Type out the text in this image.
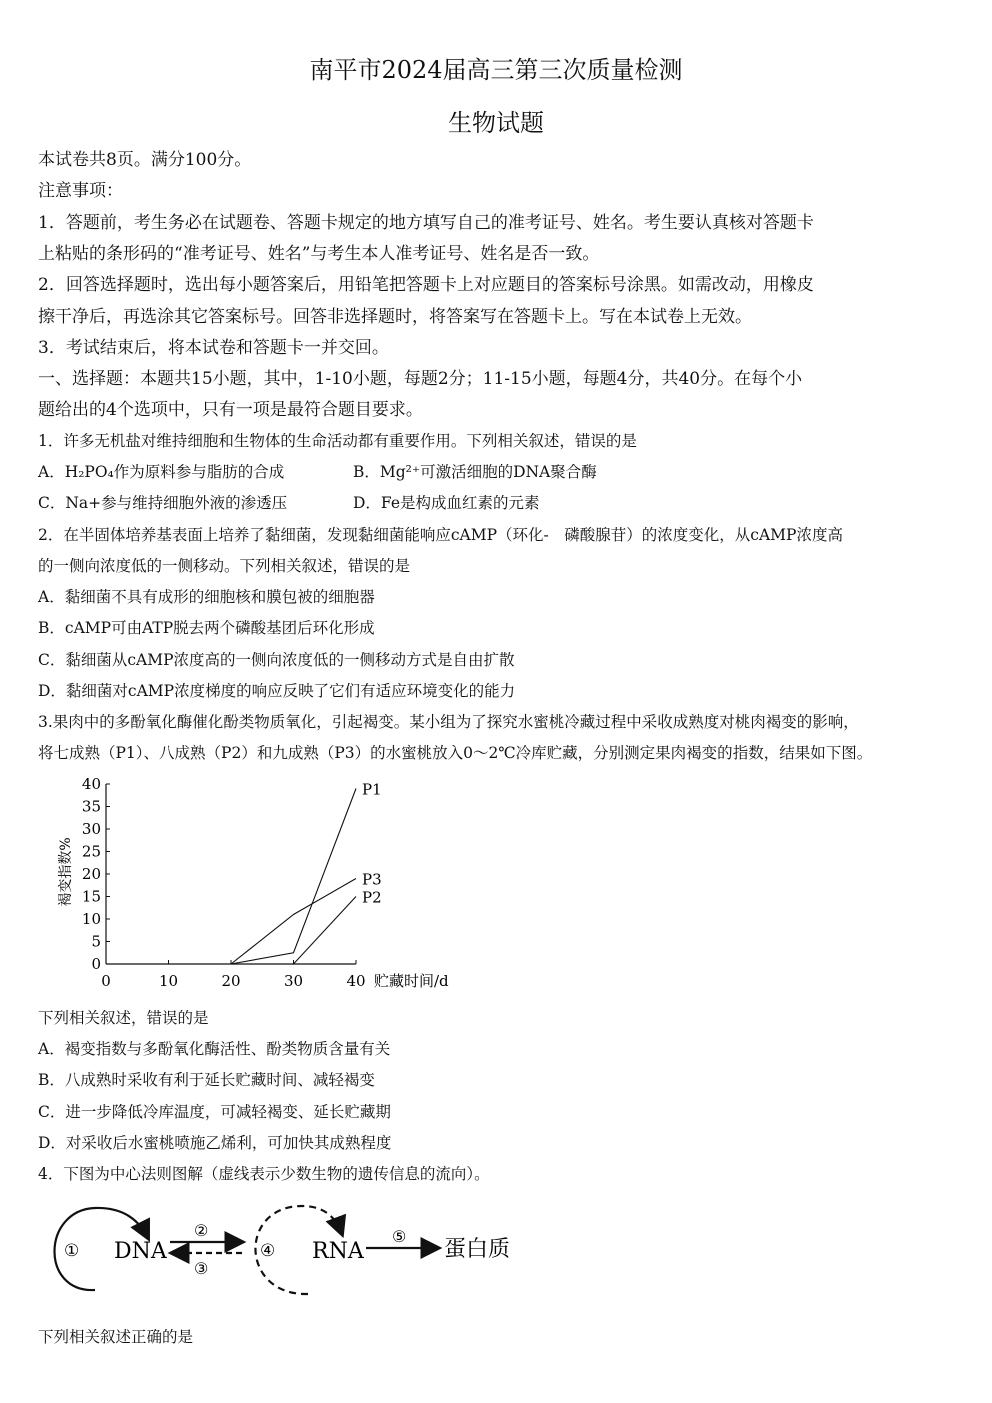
南平市2024届高三第三次质量检测
生物试题
本试卷共8页。满分100分。
注意事项：
1．答题前，考生务必在试题卷、答题卡规定的地方填写自己的准考证号、姓名。考生要认真核对答题卡
上粘贴的条形码的“准考证号、姓名”与考生本人准考证号、姓名是否一致。
2．回答选择题时，选出每小题答案后，用铅笔把答题卡上对应题目的答案标号涂黑。如需改动，用橡皮
擦干净后，再选涂其它答案标号。回答非选择题时，将答案写在答题卡上。写在本试卷上无效。
3．考试结束后，将本试卷和答题卡一并交回。
一、选择题：本题共15小题，其中，1-10小题，每题2分；11-15小题，每题4分，共40分。在每个小
题给出的4个选项中，只有一项是最符合题目要求。
1．许多无机盐对维持细胞和生物体的生命活动都有重要作用。下列相关叙述，错误的是
A．H₂PO₄作为原料参与脂肪的合成	B．Mg²⁺可激活细胞的DNA聚合酶
C．Na+参与维持细胞外液的渗透压	D．Fe是构成血红素的元素
2．在半固体培养基表面上培养了黏细菌，发现黏细菌能响应cAMP（环化-　磷酸腺苷）的浓度变化，从cAMP浓度高
的一侧向浓度低的一侧移动。下列相关叙述，错误的是
A．黏细菌不具有成形的细胞核和膜包被的细胞器
B．cAMP可由ATP脱去两个磷酸基团后环化形成
C．黏细菌从cAMP浓度高的一侧向浓度低的一侧移动方式是自由扩散
D．黏细菌对cAMP浓度梯度的响应反映了它们有适应环境变化的能力
3.果肉中的多酚氧化酶催化酚类物质氧化，引起褐变。某小组为了探究水蜜桃冷藏过程中采收成熟度对桃肉褐变的影响，
将七成熟（P1）、八成熟（P2）和九成熟（P3）的水蜜桃放入0～2℃冷库贮藏，分别测定果肉褐变的指数，结果如下图。
贮藏时间/d
褐变指数%
0	10	20	30	40
0
5
10
15
20
25
30
35
40	P1
P3
P2
下列相关叙述，错误的是
A．褐变指数与多酚氧化酶活性、酚类物质含量有关
B．八成熟时采收有利于延长贮藏时间、减轻褐变
C．进一步降低冷库温度，可减轻褐变、延长贮藏期
D．对采收后水蜜桃喷施乙烯利，可加快其成熟程度
4．下图为中心法则图解（虚线表示少数生物的遗传信息的流向）。
① DNA
②
③
④ RNA
⑤
蛋白质
下列相关叙述正确的是
